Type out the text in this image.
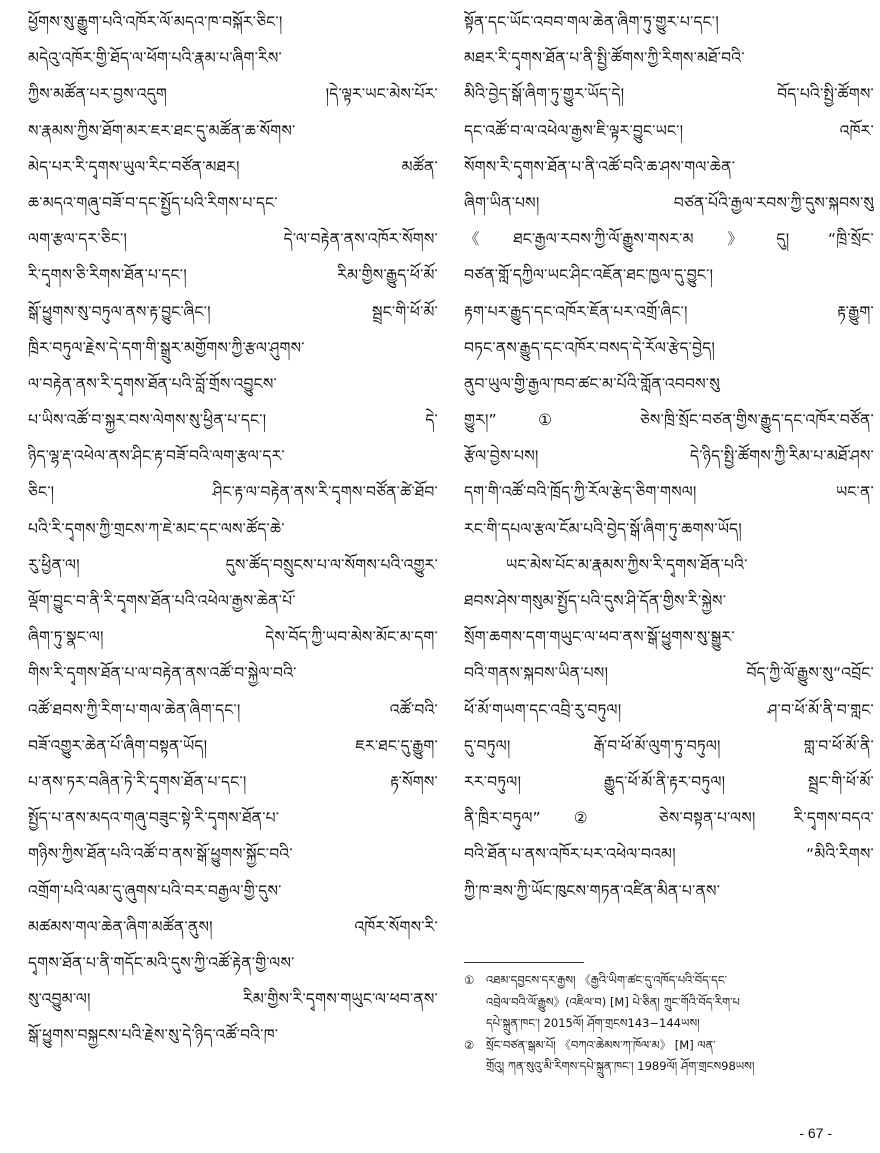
ཕྱོགས་སུ་རྒྱུག་པའི་འཁོར་ལོ་མདའ་ཁ་བསྐོར་ཅིང་།
མདེའུ་འཁོར་གྱི་ཐོད་ལ་ཕོག་པའི་རྣམ་པ་ཞིག་རིས་
ཀྱིས་མཚོན་པར་བྱས་འདུག །དེ་ལྟར་ཡང་མེས་པོར་
ས་རྣམས་ཀྱིས་ཐོག་མར་ཇར་ཐང་དུ་མཚོན་ཆ་སོགས་
མེད་པར་རི་དྭགས་ཡུལ་རིང་བཙོན་མཐར། མཚོན་
ཆ་མདའ་གཞུ་བཟོ་བ་དང་སྤྱོད་པའི་རིགས་པ་དང་
ལག་རྩལ་དར་ཅིང་། དེ་ལ་བརྟེན་ནས་འཁོར་སོགས་
རི་དྭགས་ཅི་རིགས་ཐོན་པ་དང་། རིམ་གྱིས་རྒྱུད་ཕོ་མོ་
སྒོ་ཕྱུགས་སུ་བཏུལ་ནས་རྟ་བྱུང་ཞིང་། སྦྲང་གི་ཕོ་མོ་
ཁྲིར་བཏུལ་རྗེས་དེ་དག་གི་སྒྲུར་མགྱོགས་ཀྱི་རྩལ་ཤུགས་
ལ་བརྟེན་ནས་རི་དྭགས་ཐོན་པའི་བློ་གྲོས་འབྱུངས་
པ་ཡིས་འཚོ་བ་སྐྱར་བས་ལེགས་སུ་ཕྱིན་པ་དང་། དེ་
ཉིད་ལྷ་རྡ་འཕེལ་ནས་ཤིང་རྟ་བཟོ་བའི་ལག་རྩལ་དར་
ཅིང་། ཤིང་རྟ་ལ་བརྟེན་ནས་རི་དྭགས་བཙོན་ཚེ་ཐོབ་
པའི་རི་དྭགས་ཀྱི་གྲངས་ཀ་ཇེ་མང་དང་ལས་ཚོད་ཆེ་
རུ་ཕྱིན་ལ། དུས་ཚོད་བསྲུངས་པ་ལ་སོགས་པའི་འགྱུར་
ལྡོག་བྱུང་བ་ནི་རི་དྭགས་ཐོན་པའི་འཕེལ་རྒྱས་ཆེན་པོ་
ཞིག་ཏུ་སྣང་ལ། དེས་བོད་ཀྱི་ཡབ་མེས་མོང་མ་དག་
གིས་རི་དྭགས་ཐོན་པ་ལ་བརྟེན་ནས་འཚོ་བ་སྐྱེལ་བའི་
འཚོ་ཐབས་ཀྱི་རིག་པ་གལ་ཆེན་ཞིག་དང་། འཚོ་བའི་
བཟོ་འགྱུར་ཆེན་པོ་ཞིག་བསྟན་ཡོད། ཇར་ཐང་དུ་རྒྱུག་
པ་ནས་ཏར་བཞིན་ཏེ་རི་དྭགས་ཐོན་པ་དང་། རྟ་སོགས་
སྤྱོད་པ་ནས་མདའ་གཞུ་བཟུང་སྟེ་རི་དྭགས་ཐོན་པ་
གཉིས་ཀྱིས་ཐོན་པའི་འཚོ་བ་ནས་སྒོ་ཕྱུགས་སྐྱོང་བའི་
འགྲོག་པའི་ལམ་དུ་ཞུགས་པའི་བར་བརྒྱལ་གྱི་དུས་
མཚམས་གལ་ཆེན་ཞིག་མཚོན་ནུས། འཁོར་སོགས་རི་
དྭགས་ཐོན་པ་ནི་གདོང་མའི་དུས་ཀྱི་འཚོ་རྟེན་གྱི་ལས་
སུ་འབྱུམ་ལ། རིམ་གྱིས་རི་དྭགས་གཡུང་ལ་ཕབ་ནས་
སྒོ་ཕྱུགས་བསྐྱངས་པའི་རྗེས་སུ་དེ་ཉིད་འཚོ་བའི་ཁ་
སྟོན་དང་ཡོང་འབབ་གལ་ཆེན་ཞིག་ཏུ་གྱུར་པ་དང་།
མཐར་རི་དྭགས་ཐོན་པ་ནི་སྤྱི་ཚོགས་ཀྱི་རིགས་མཐོ་བའི་
མིའི་བྱེད་སྒོ་ཞིག་ཏུ་གྱུར་ཡོད་དེ། བོད་པའི་སྤྱི་ཚོགས་
དང་འཚོ་བ་ལ་འཕེལ་རྒྱས་ཇི་ལྟར་བྱུང་ཡང་། འཁོར་
སོགས་རི་དྭགས་ཐོན་པ་ནི་འཚོ་བའི་ཆ་ཤས་གལ་ཆེན་
ཞིག་ཡིན་པས། བཙན་པོའི་རྒྱལ་རབས་ཀྱི་དུས་སྐབས་སུ
《ཐང་རྒྱལ་རབས་ཀྱི་ལོ་རྒྱུས་གསར་མ》དུ། “ཁྲི་སྲོང་
བཙན་གློ་དཀྱིལ་ཡང་ཤིང་འཇོན་ཐང་ཁྱལ་དུ་བྱུང་།
རྟག་པར་རྒྱུད་དང་འཁོར་ཇོན་པར་འགྲོ་ཞིང་། རྟ་རྒྱུག་
བཏང་ནས་རྒྱུད་དང་འཁོར་བསད་དེ་རོལ་རྩེད་བྱེད།
ནུབ་ཡུལ་གྱི་རྒྱལ་ཁབ་ཚང་མ་པོའི་གློན་འབབས་སུ
གྱུར།”① ཅེས་ཁྲི་སྲོང་བཙན་གྱིས་རྒྱུད་དང་འཁོར་བཙོན་
རྩོལ་བྱེས་པས། དེ་ཉིད་སྤྱི་ཚོགས་ཀྱི་རིམ་པ་མཐོ་ཤས་
དག་གི་འཚོ་བའི་ཁྲོད་ཀྱི་རོལ་རྩེད་ཅིག་གསལ། ཡང་ན་
རང་གི་དཔལ་རྩལ་ངོམ་པའི་བྱེད་སྒོ་ཞིག་ཏུ་ཆགས་ཡོད།
ཡང་མེས་པོང་མ་རྣམས་ཀྱིས་རི་དྭགས་ཐོན་པའི་
ཐབས་ཤེས་གསུམ་སྤྱོད་པའི་དུས་ཤི་དོན་གྱིས་རི་སྐྱེས་
སྲོག་ཆགས་དག་གཡུང་ལ་ཕབ་ནས་སྒོ་ཕྱུགས་སུ་སྒྱུར་
བའི་གནས་སྐབས་ཡིན་པས། བོད་ཀྱི་ལོ་རྒྱུས་སུ“འབྲོང་
ཕོ་མོ་གཡག་དང་འབྲི་རུ་བཏུལ། ཤ་བ་ཕོ་མོ་ནི་བ་གླང་
དུ་བཏུལ། རྒོ་བ་ཕོ་མོ་ལུག་ཏུ་བཏུལ། གླ་བ་ཕོ་མོ་ནི་
རར་བཏུལ། རྒྱུད་ཕོ་མོ་ནི་རྟར་བཏུལ། སྦྲང་གི་ཕོ་མོ་
ནི་ཁྲིར་བཏུལ”② ཅེས་བསྟན་པ་ལས། རི་དྭགས་བདའ་
བའི་ཐོན་པ་ནས་འཁོར་པར་འཕེལ་བའམ། “མིའི་རིགས་
ཀྱི་ཁ་ཟས་ཀྱི་ཡོང་ཁུངས་གཏན་འཛིན་མིན་པ་ནས་
① འཐམ་དབྱངས་དར་རྒྱས། 《རྒྱའི་ཡིག་ཚང་དུ་འཁོད་པའི་བོད་དང་
འབྲེལ་བའི་ལོ་རྒྱུས》(འཇིལ་བ) [M] པེ་ཅིན། ཀྲུང་གོའི་བོད་རིག་པ
དཔེ་སྐྲུན་ཁང་། 2015ལོ། ཤོག་གྲངས143−144ཡས།
② སྲོང་བཙན་སྒམ་པོ། 《བཀའ་ཆེམས་ཀ་ཁོལ་མ》 [M] ལན་
གྲོའུ། ཀན་སུའུ་མི་རིགས་དཔེ་སྐྲུན་ཁང་། 1989ལོ། ཤོག་གྲངས98ཡས།
- 67 -
